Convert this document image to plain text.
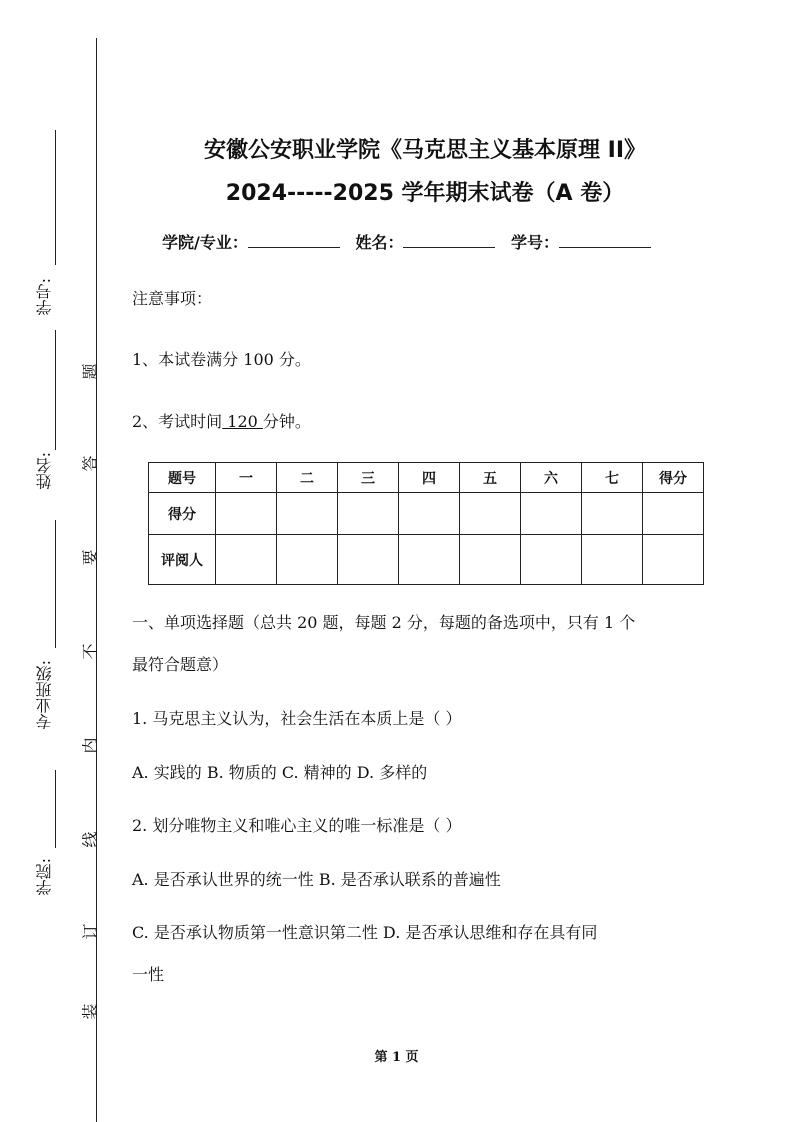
学号:
姓名:
专业班级:
学院:
题
答
要
不
内
线
订
装
安徽公安职业学院《马克思主义基本原理 II》
2024-----2025 学年期末试卷（A 卷）
学院/专业：	姓名：	学号：
注意事项：
1、本试卷满分 100 分。
2、考试时间 120 分钟。
题号	一	二	三	四	五	六	七	得分
得分								
评阅人								
一、单项选择题（总共 20 题，每题 2 分，每题的备选项中，只有 1 个
最符合题意）
1. 马克思主义认为，社会生活在本质上是（ ）
A. 实践的 B. 物质的 C. 精神的 D. 多样的
2. 划分唯物主义和唯心主义的唯一标准是（ ）
A. 是否承认世界的统一性 B. 是否承认联系的普遍性
C. 是否承认物质第一性意识第二性 D. 是否承认思维和存在具有同
一性
第 1 页
